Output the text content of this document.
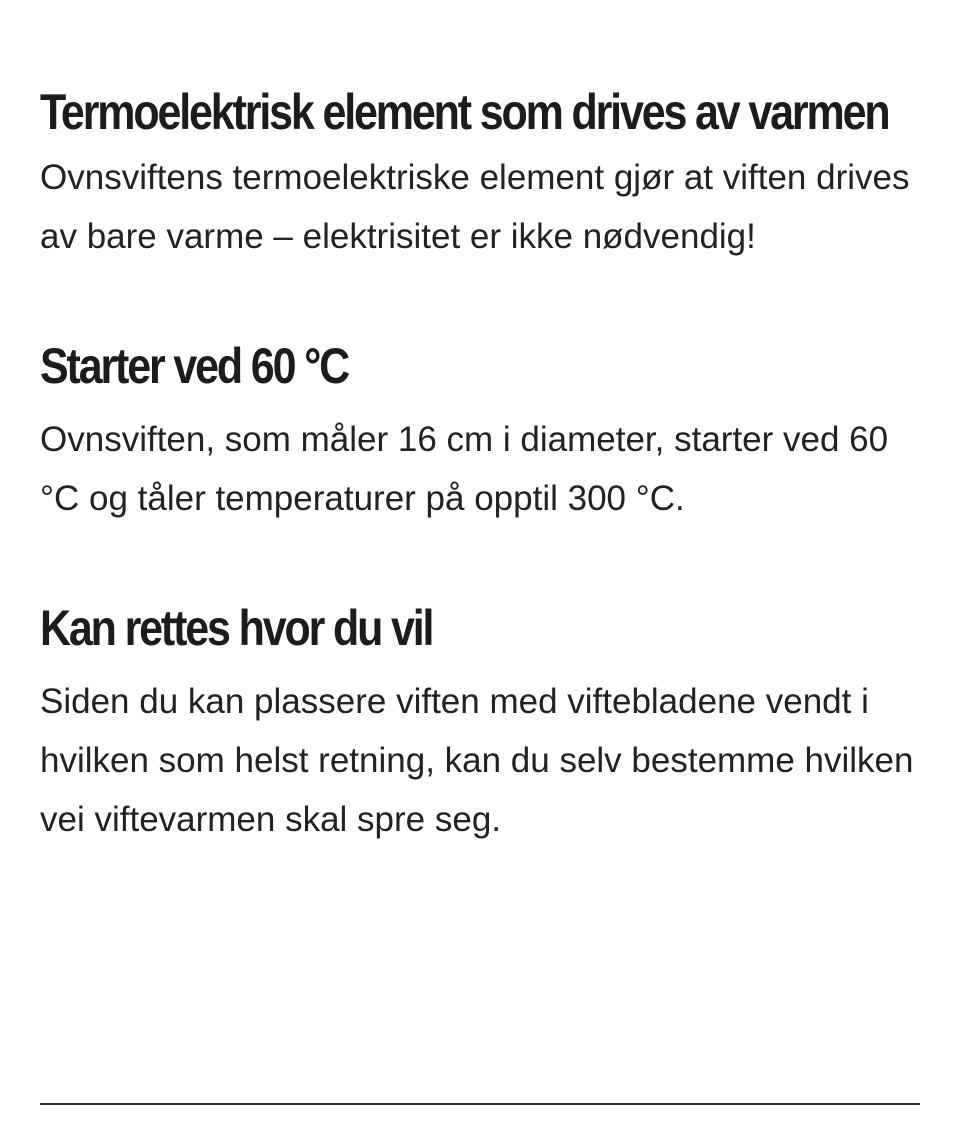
Termoelektrisk element som drives av varmen

Ovnsviftens termoelektriske element gjør at viften drives av bare varme – elektrisitet er ikke nødvendig!

Starter ved 60 °C

Ovnsviften, som måler 16 cm i diameter, starter ved 60 °C og tåler temperaturer på opptil 300 °C.

Kan rettes hvor du vil

Siden du kan plassere viften med viftebladene vendt i hvilken som helst retning, kan du selv bestemme hvilken vei viftevarmen skal spre seg.
